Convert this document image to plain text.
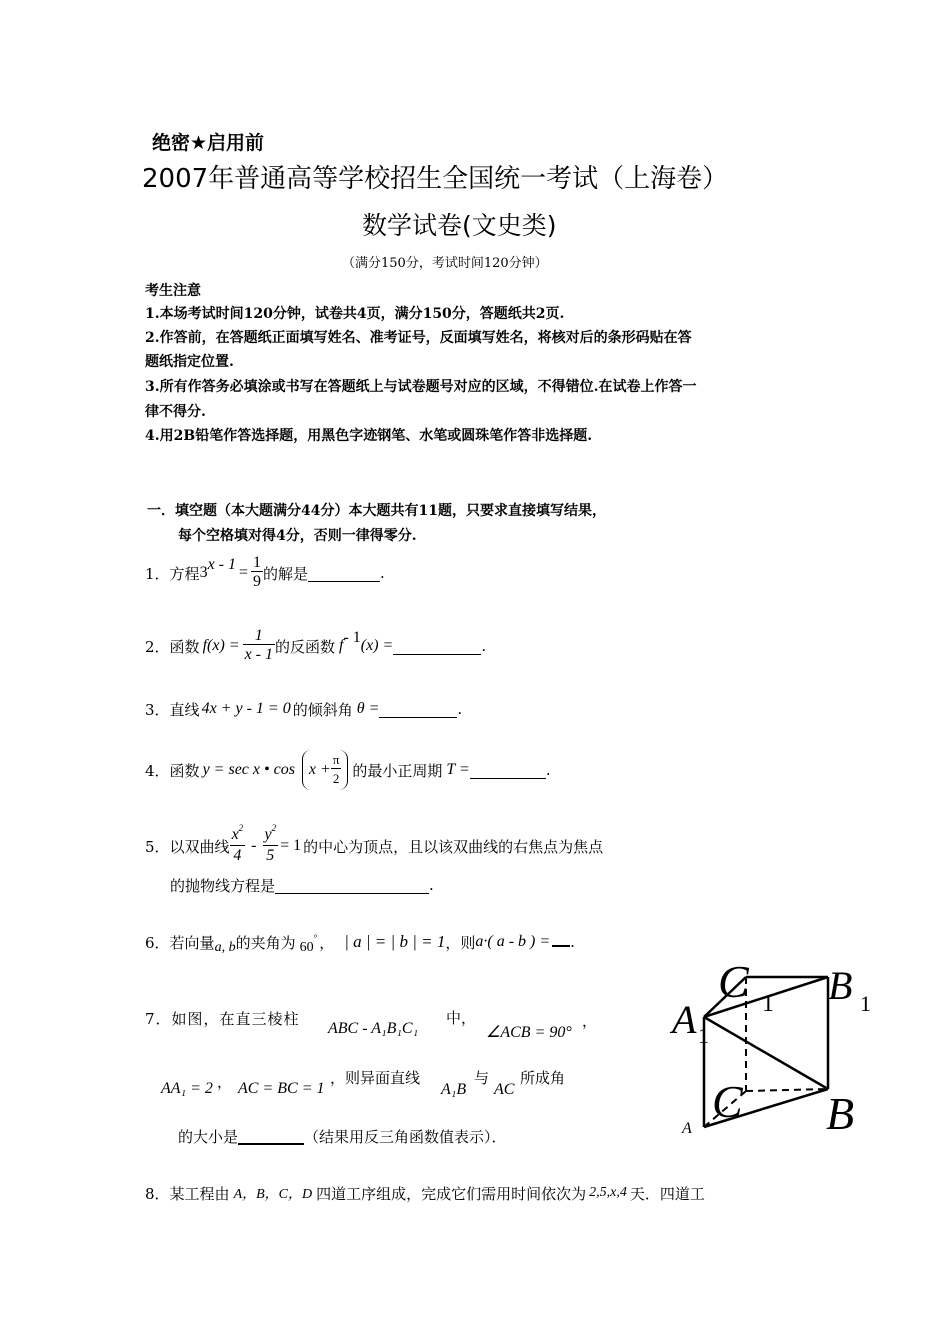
绝密★启用前
2007年普通高等学校招生全国统一考试（上海卷）
数学试卷(文史类)
（满分150分，考试时间120分钟）
考生注意
1.本场考试时间120分钟，试卷共4页，满分150分，答题纸共2页.
2.作答前，在答题纸正面填写姓名、准考证号，反面填写姓名，将核对后的条形码贴在答
题纸指定位置.
3.所有作答务必填涂或书写在答题纸上与试卷题号对应的区域，不得错位.在试卷上作答一
律不得分.
4.用2B铅笔作答选择题，用黑色字迹钢笔、水笔或圆珠笔作答非选择题.
一．填空题（本大题满分44分）本大题共有11题，只要求直接填写结果，
每个空格填对得4分，否则一律得零分.
1． 方程 3 $x - 1 = \frac{1}{9}$ 的解是	.
2． 函数 $f(x) = \frac{1}{x - 1}$ 的反函数 f - 1 (x) =	.
3． 直线 4x + y - 1 = 0 的倾斜角 θ =	.
4． 函数 y = sec x • $\cos x + \frac{\pi}{2}$ 的最小正周期 T =	.
5． 以双曲线 $\frac{x^2}{4} - \frac{y^2}{5} = 1$ 的中心为顶点，且以该双曲线的右焦点为焦点
的抛物线方程是	.
6． 若向量 a, b 的夹角为 60
° ， | a | = | b | = 1 ，则 a·( a - b ) = .
7． 如图，在直三棱柱
ABC - A₁B₁C₁
中，
∠ACB = 90°
，
AA₁ = 2 ， AC = BC = 1
，则异面直线
A₁B
与
AC
所成角
的大小是	（结果用反三角函数值表示）．
8． 某工程由 A，B，C，D 四道工序组成，完成它们需用时间依次为 2,5,x,4 天．四道工
C 1 B 1
A 1
C B
A
